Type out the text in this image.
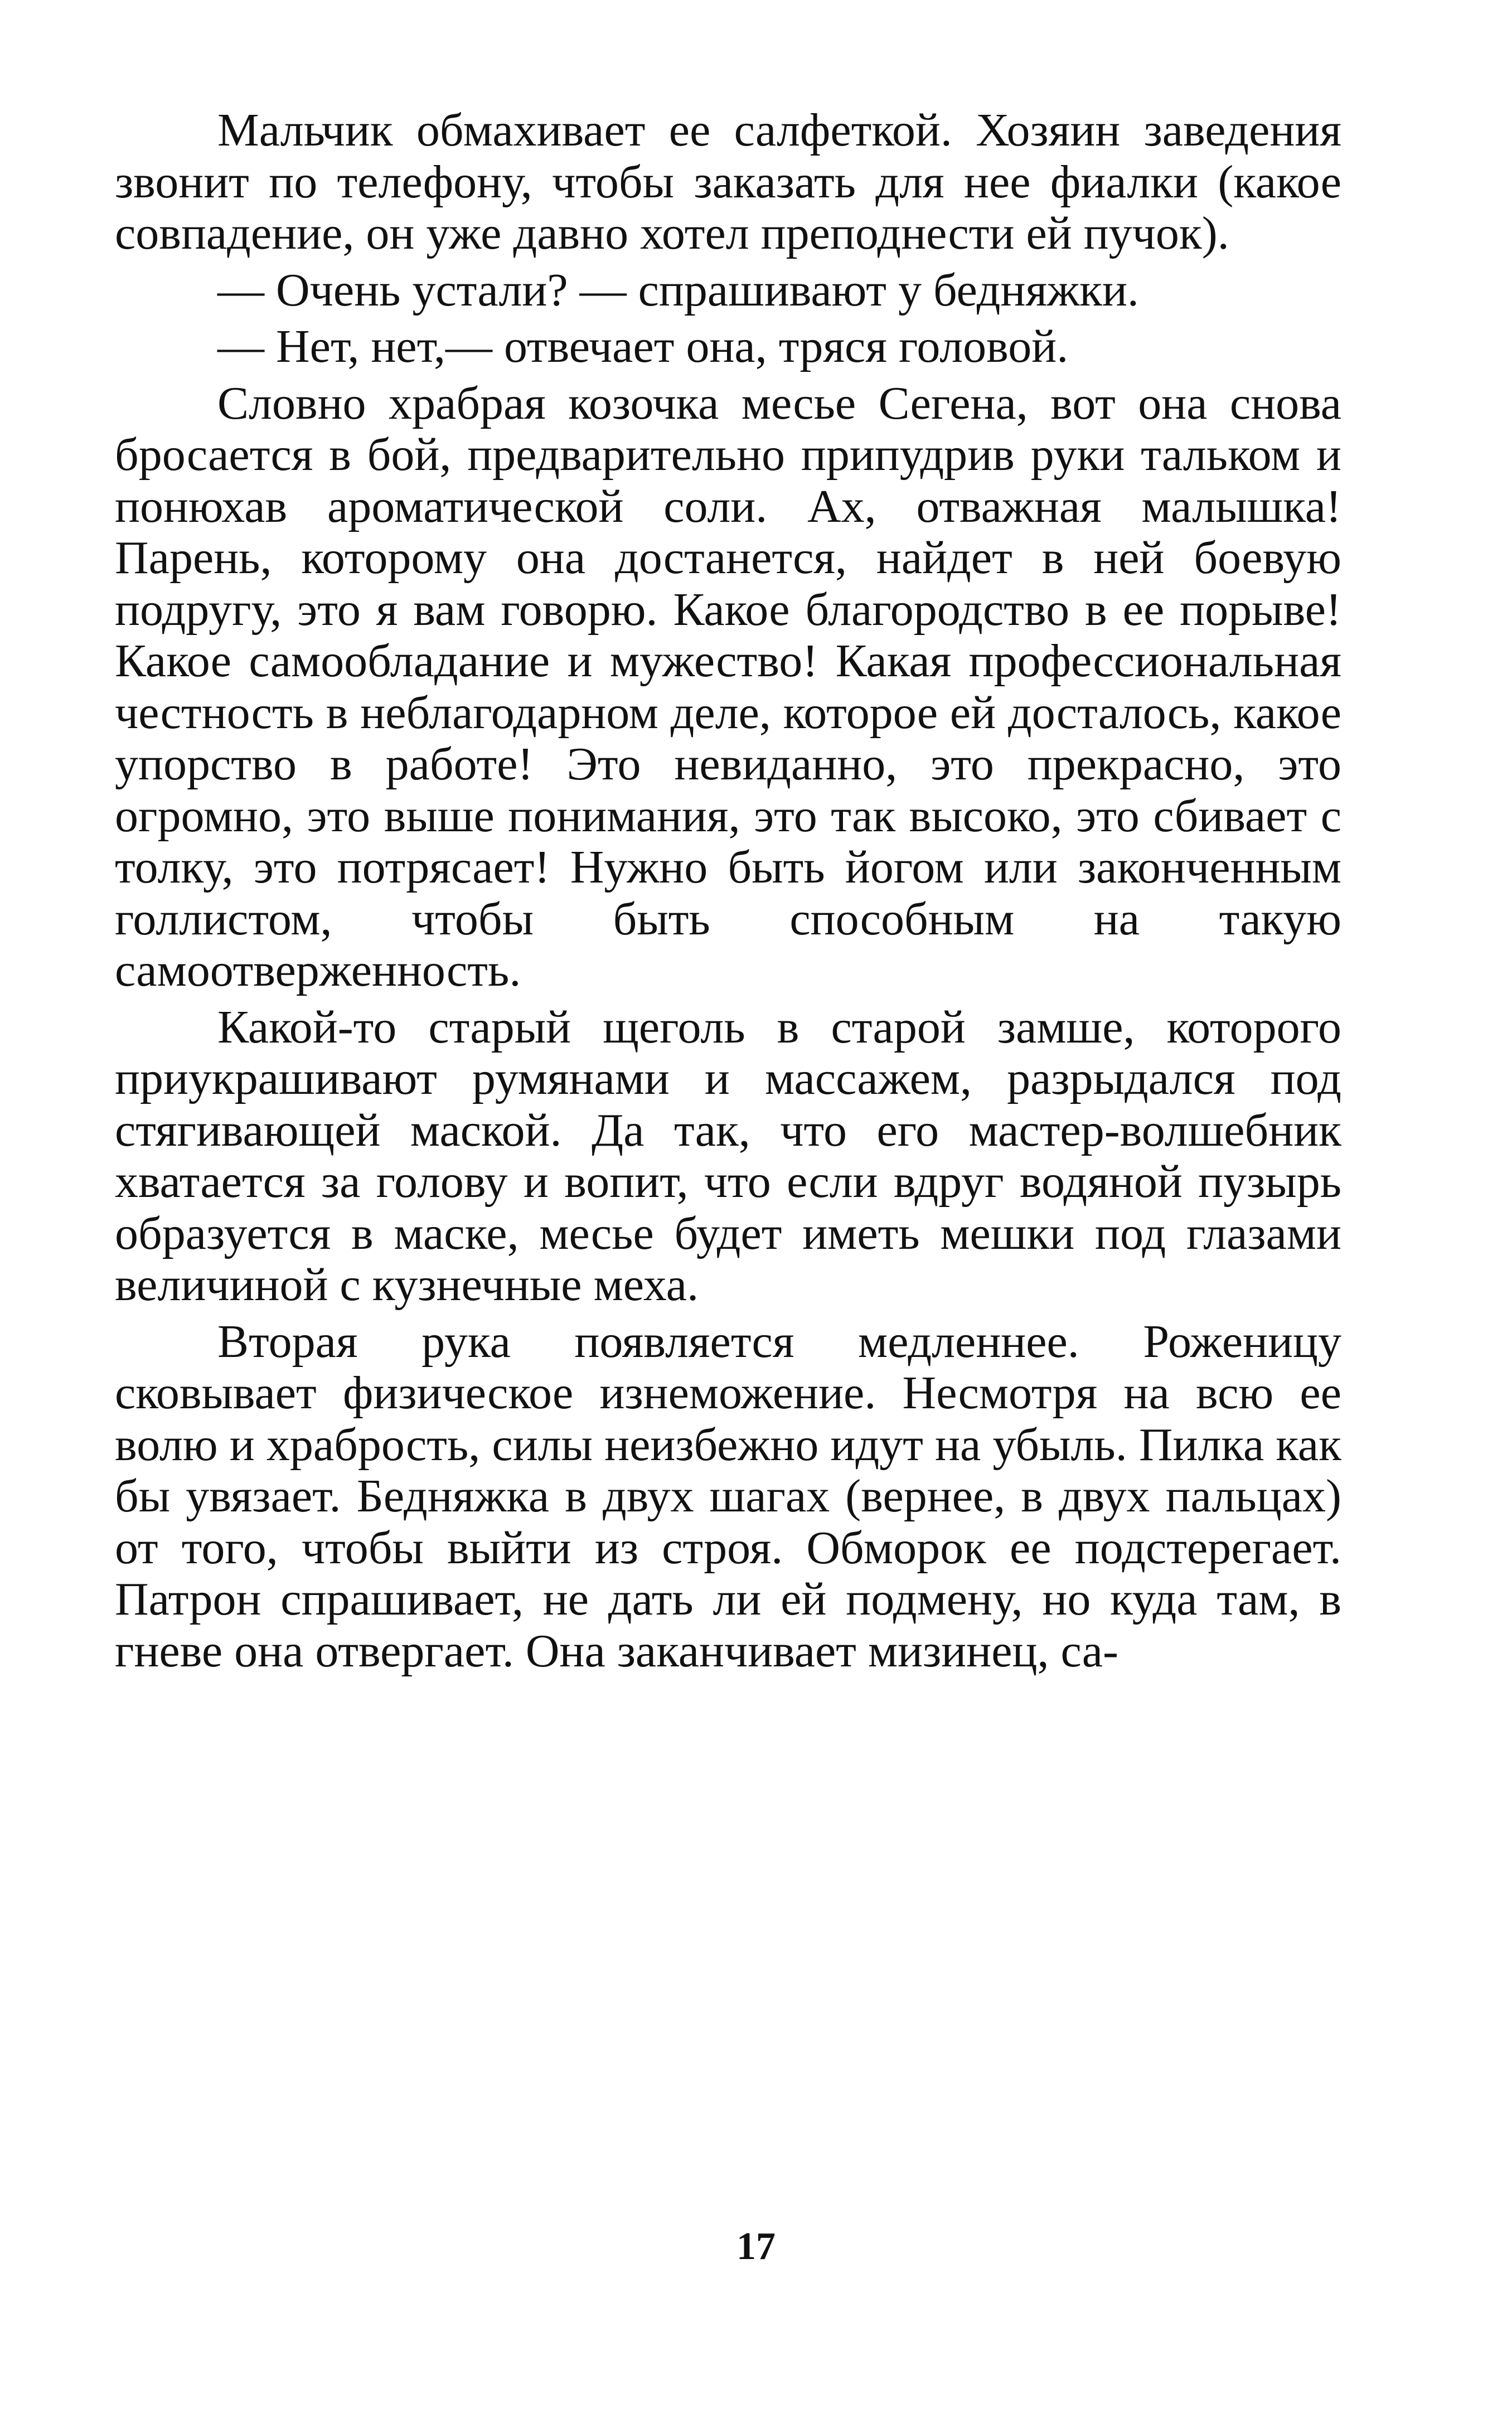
Мальчик обмахивает ее салфеткой. Хозяин заведения звонит по телефону, чтобы заказать для нее фиалки (какое совпадение, он уже давно хотел преподнести ей пучок).

— Очень устали? — спрашивают у бедняжки.

— Нет, нет,— отвечает она, тряся головой.

Словно храбрая козочка месье Сегена, вот она снова бросается в бой, предварительно припудрив руки тальком и понюхав ароматической соли. Ах, отважная малышка! Парень, которому она достанется, найдет в ней боевую подругу, это я вам говорю. Какое благородство в ее порыве! Какое самообладание и мужество! Какая профессиональная честность в неблагодарном деле, которое ей досталось, какое упорство в работе! Это невиданно, это прекрасно, это огромно, это выше понимания, это так высоко, это сбивает с толку, это потрясает! Нужно быть йогом или законченным голлистом, чтобы быть способным на такую самоотверженность.

Какой-то старый щеголь в старой замше, которого приукрашивают румянами и массажем, разрыдался под стягивающей маской. Да так, что его мастер-волшебник хватается за голову и вопит, что если вдруг водяной пузырь образуется в маске, месье будет иметь мешки под глазами величиной с кузнечные меха.

Вторая рука появляется медленнее. Роженицу сковывает физическое изнеможение. Несмотря на всю ее волю и храбрость, силы неизбежно идут на убыль. Пилка как бы увязает. Бедняжка в двух шагах (вернее, в двух пальцах) от того, чтобы выйти из строя. Обморок ее подстерегает. Патрон спрашивает, не дать ли ей подмену, но куда там, в гневе она отвергает. Она заканчивает мизинец, са-

17
